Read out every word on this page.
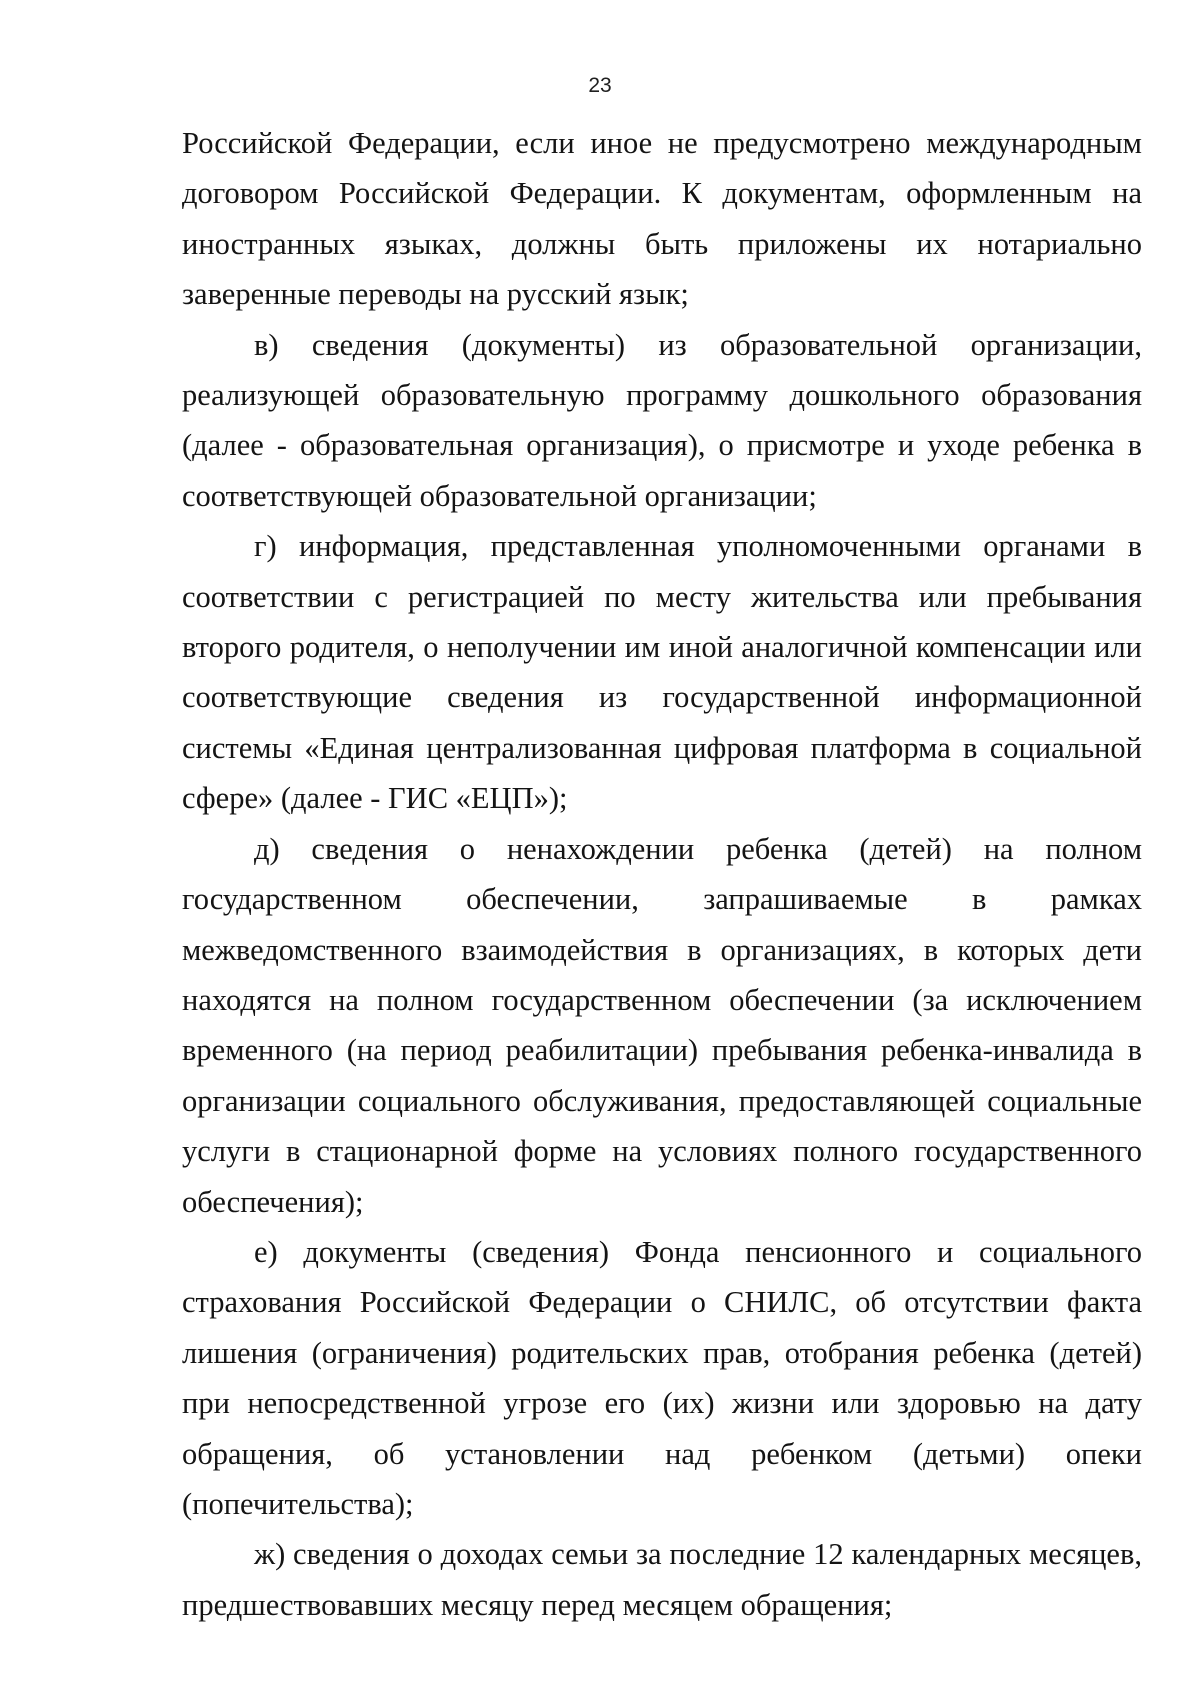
23

Российской Федерации, если иное не предусмотрено международным договором Российской Федерации. К документам, оформленным на иностранных языках, должны быть приложены их нотариально заверенные переводы на русский язык;

в) сведения (документы) из образовательной организации, реализующей образовательную программу дошкольного образования (далее - образовательная организация), о присмотре и уходе ребенка в соответствующей образовательной организации;

г) информация, представленная уполномоченными органами в соответствии с регистрацией по месту жительства или пребывания второго родителя, о неполучении им иной аналогичной компенсации или соответствующие сведения из государственной информационной системы «Единая централизованная цифровая платформа в социальной сфере» (далее - ГИС «ЕЦП»);

д) сведения о ненахождении ребенка (детей) на полном государственном обеспечении, запрашиваемые в рамках межведомственного взаимодействия в организациях, в которых дети находятся на полном государственном обеспечении (за исключением временного (на период реабилитации) пребывания ребенка-инвалида в организации социального обслуживания, предоставляющей социальные услуги в стационарной форме на условиях полного государственного обеспечения);

е) документы (сведения) Фонда пенсионного и социального страхования Российской Федерации о СНИЛС, об отсутствии факта лишения (ограничения) родительских прав, отобрания ребенка (детей) при непосредственной угрозе его (их) жизни или здоровью на дату обращения, об установлении над ребенком (детьми) опеки (попечительства);

ж) сведения о доходах семьи за последние 12 календарных месяцев, предшествовавших месяцу перед месяцем обращения;
